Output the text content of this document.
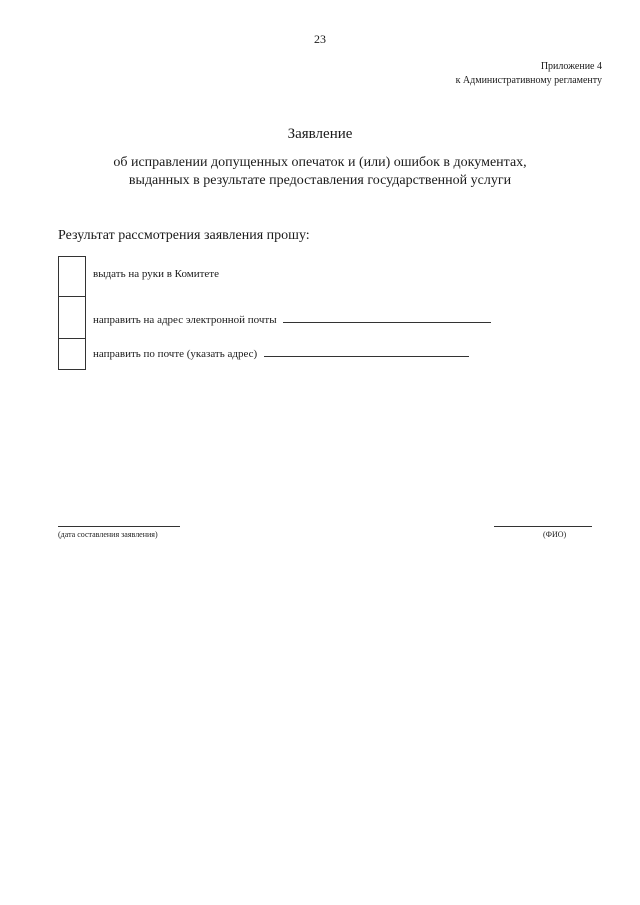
23
Приложение 4
к Административному регламенту
Заявление
об исправлении допущенных опечаток и (или) ошибок в документах,
выданных в результате предоставления государственной услуги
Результат рассмотрения заявления прошу:
выдать на руки в Комитете
направить на адрес электронной почты
направить по почте (указать адрес)
(дата составления заявления)	(ФИО)
